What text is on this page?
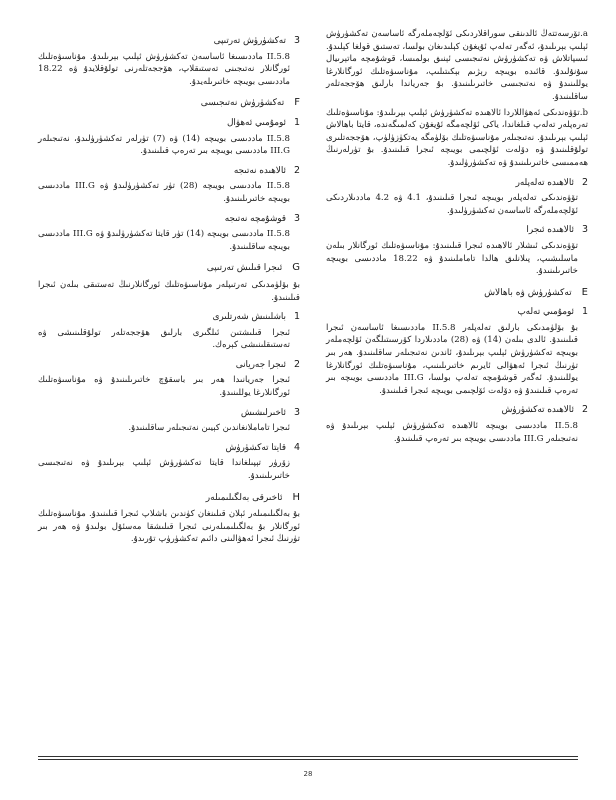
a.تۆرسەتتەڭ ئالدىنقى سوراقلاردىكى ئۆلچەملەرگە ئاساسەن تەكشۈرۈش ئېلىپ بېرىلىدۇ، ئەگەر تەلەپ ئۇيغۇن كېلىدىغان بولسا، تەستىق قولغا كېلىدۇ. ئىسپاتلاش ۋە تەكشۈرۈش نەتىجىسى ئېنىق بولمىسا، قوشۇمچە ماتېرىيال سۇنۇلىدۇ. قائىدە بويىچە رېژىم بېكىتىلىپ، مۇناسىۋەتلىك ئورگانلارغا يوللىنىدۇ ۋە نەتىجىسى خاتىرىلىنىدۇ. بۇ جەرياندا بارلىق ھۆججەتلەر ساقلىنىدۇ.

b.تۆۋەندىكى ئەھۋاللاردا ئالاھىدە تەكشۈرۈش ئېلىپ بېرىلىدۇ: مۇناسىۋەتلىك تەرەپلەر تەلەپ قىلغاندا، ياكى ئۆلچەمگە ئۇيغۇن كەلمىگەندە، قايتا باھالاش ئېلىپ بېرىلىدۇ. نەتىجىلەر مۇناسىۋەتلىك بۆلۈمگە يەتكۈزۈلۈپ، ھۆججەتلىرى تولۇقلىنىدۇ ۋە دۆلەت ئۆلچىمى بويىچە ئىجرا قىلىنىدۇ. بۇ تۈرلەرنىڭ ھەممىسى خاتىرىلىنىدۇ ۋە تەكشۈرۈلىدۇ.

2
ئالاھىدە تەلەپلەر

تۆۋەندىكى تەلەپلەر بويىچە ئىجرا قىلىنىدۇ، 4.1 ۋە 4.2 ماددىلاردىكى ئۆلچەملەرگە ئاساسەن تەكشۈرۈلىدۇ.

3
ئالاھىدە ئىجرا

تۆۋەندىكى ئىشلار ئالاھىدە ئىجرا قىلىنىدۇ: مۇناسىۋەتلىك ئورگانلار بىلەن ماسلىشىپ، پىلانلىق ھالدا تاماملىنىدۇ ۋە 18.22 ماددىسى بويىچە خاتىرىلىنىدۇ.

E
تەكشۈرۈش ۋە باھالاش
1
ئومۇمىي تەلەپ

بۇ بۆلۈمدىكى بارلىق تەلەپلەر 5.8.II ماددىسىغا ئاساسەن ئىجرا قىلىنىدۇ. ئالدى بىلەن (14) ۋە (28) ماددىلاردا كۆرسىتىلگەن ئۆلچەملەر بويىچە تەكشۈرۈش ئېلىپ بېرىلىدۇ، ئاندىن نەتىجىلەر ساقلىنىدۇ. ھەر بىر تۈرنىڭ ئىجرا ئەھۋالى ئايرىم خاتىرىلىنىپ، مۇناسىۋەتلىك ئورگانلارغا يوللىنىدۇ. ئەگەر قوشۇمچە تەلەپ بولسا، III.G ماددىسى بويىچە بىر تەرەپ قىلىنىدۇ ۋە دۆلەت ئۆلچىمى بويىچە ئىجرا قىلىنىدۇ.

2
ئالاھىدە تەكشۈرۈش

5.8.II ماددىسى بويىچە ئالاھىدە تەكشۈرۈش ئېلىپ بېرىلىدۇ ۋە نەتىجىلەر III.G ماددىسى بويىچە بىر تەرەپ قىلىنىدۇ.

3
تەكشۈرۈش تەرتىپى

5.8.II ماددىسىغا ئاساسەن تەكشۈرۈش ئېلىپ بېرىلىدۇ. مۇناسىۋەتلىك ئورگانلار نەتىجىنى تەستىقلاپ، ھۆججەتلەرنى تولۇقلايدۇ ۋە 18.22 ماددىسى بويىچە خاتىرىلەيدۇ.

F
تەكشۈرۈش نەتىجىسى
1
ئومۇمىي ئەھۋال

5.8.II ماددىسى بويىچە (14) ۋە (7) تۈرلەر تەكشۈرۈلىدۇ، نەتىجىلەر III.G ماددىسى بويىچە بىر تەرەپ قىلىنىدۇ.

2
ئالاھىدە نەتىجە

5.8.II ماددىسى بويىچە (28) تۈر تەكشۈرۈلىدۇ ۋە III.G ماددىسى بويىچە خاتىرىلىنىدۇ.

3
قوشۇمچە نەتىجە

5.8.II ماددىسى بويىچە (14) تۈر قايتا تەكشۈرۈلىدۇ ۋە III.G ماددىسى بويىچە ساقلىنىدۇ.

G
ئىجرا قىلىش تەرتىپى

بۇ بۆلۈمدىكى تەرتىپلەر مۇناسىۋەتلىك ئورگانلارنىڭ تەستىقى بىلەن ئىجرا قىلىنىدۇ.

1
باشلىنىش شەرتلىرى

ئىجرا قىلىشتىن ئىلگىرى بارلىق ھۆججەتلەر تولۇقلىنىشى ۋە تەستىقلىنىشى كېرەك.

2
ئىجرا جەريانى

ئىجرا جەريانىدا ھەر بىر باسقۇچ خاتىرىلىنىدۇ ۋە مۇناسىۋەتلىك ئورگانلارغا يوللىنىدۇ.

3
ئاخىرلىشىش

ئىجرا تاماملانغاندىن كېيىن نەتىجىلەر ساقلىنىدۇ.

4
قايتا تەكشۈرۈش

زۆرۈر تېپىلغاندا قايتا تەكشۈرۈش ئېلىپ بېرىلىدۇ ۋە نەتىجىسى خاتىرىلىنىدۇ.

H
ئاخىرقى بەلگىلىمىلەر

بۇ بەلگىلىمىلەر ئېلان قىلىنغان كۈندىن باشلاپ ئىجرا قىلىنىدۇ. مۇناسىۋەتلىك ئورگانلار بۇ بەلگىلىمىلەرنى ئىجرا قىلىشقا مەسئۇل بولىدۇ ۋە ھەر بىر تۈرنىڭ ئىجرا ئەھۋالىنى دائىم تەكشۈرۈپ تۇرىدۇ.

28
